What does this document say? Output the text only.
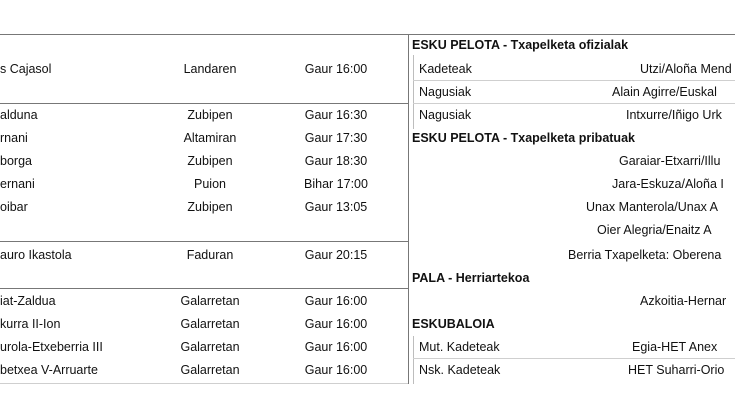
s Cajasol	Landaren	Gaur 16:00
alduna	Zubipen	Gaur 16:30
rnani	Altamiran	Gaur 17:30
borga	Zubipen	Gaur 18:30
ernani	Puion	Bihar 17:00
oibar	Zubipen	Gaur 13:05
auro Ikastola	Faduran	Gaur 20:15
iat-Zaldua	Galarretan	Gaur 16:00
kurra II-Ion	Galarretan	Gaur 16:00
urola-Etxeberria III	Galarretan	Gaur 16:00
betxea V-Arruarte	Galarretan	Gaur 16:00
ESKU PELOTA - Txapelketa ofizialak
Kadeteak	Utzi/Aloña Mend
Nagusiak	Alain Agirre/Euskal
Nagusiak	Intxurre/Iñigo Urk
ESKU PELOTA - Txapelketa pribatuak
Garaiar-Etxarri/Illu
Jara-Eskuza/Aloña I
Unax Manterola/Unax A
Oier Alegria/Enaitz A
Berria Txapelketa: Oberena
PALA - Herriartekoa
Azkoitia-Hernar
ESKUBALOIA
Mut. Kadeteak	Egia-HET Anex
Nsk. Kadeteak	HET Suharri-Orio
